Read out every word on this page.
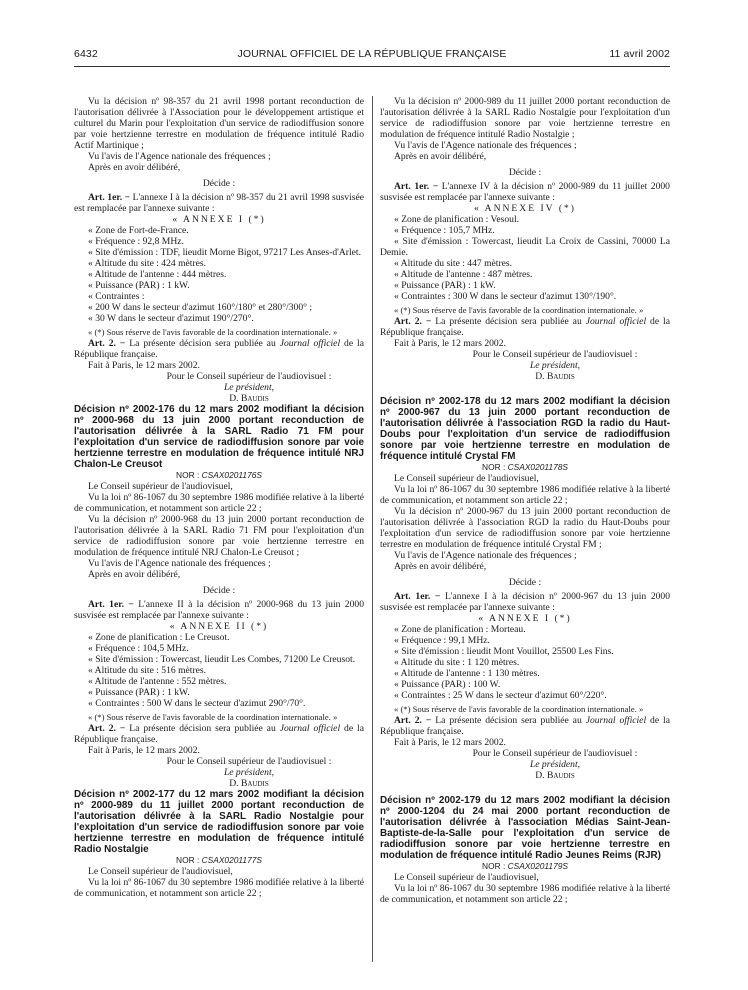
6432	JOURNAL OFFICIEL DE LA RÉPUBLIQUE FRANÇAISE	11 avril 2002

Vu la décision nº 98-357 du 21 avril 1998 portant reconduction de l'autorisation délivrée à l'Association pour le développement artistique et culturel du Marin pour l'exploitation d'un service de radiodiffusion sonore par voie hertzienne terrestre en modulation de fréquence intitulé Radio Actif Martinique ;

Vu l'avis de l'Agence nationale des fréquences ;

Après en avoir délibéré,

Décide :

Art. 1er. − L'annexe I à la décision nº 98-357 du 21 avril 1998 susvisée est remplacée par l'annexe suivante :

« ANNEXE I (*)

« Zone de Fort-de-France.

« Fréquence : 92,8 MHz.

« Site d'émission : TDF, lieudit Morne Bigot, 97217 Les Anses-d'Arlet.

« Altitude du site : 424 mètres.

« Altitude de l'antenne : 444 mètres.

« Puissance (PAR) : 1 kW.

« Contraintes :

« 200 W dans le secteur d'azimut 160°/180° et 280°/300° ;

« 30 W dans le secteur d'azimut 190°/270°.

« (*) Sous réserve de l'avis favorable de la coordination internationale. »

Art. 2. − La présente décision sera publiée au Journal officiel de la République française.

Fait à Paris, le 12 mars 2002.

Pour le Conseil supérieur de l'audiovisuel :

Le président,

D. Baudis

Décision nº 2002-176 du 12 mars 2002 modifiant la décision nº 2000-968 du 13 juin 2000 portant reconduction de l'autorisation délivrée à la SARL Radio 71 FM pour l'exploitation d'un service de radiodiffusion sonore par voie hertzienne terrestre en modulation de fréquence intitulé NRJ Chalon-Le Creusot

NOR : CSAX0201176S

Le Conseil supérieur de l'audiovisuel,

Vu la loi nº 86-1067 du 30 septembre 1986 modifiée relative à la liberté de communication, et notamment son article 22 ;

Vu la décision nº 2000-968 du 13 juin 2000 portant reconduction de l'autorisation délivrée à la SARL Radio 71 FM pour l'exploitation d'un service de radiodiffusion sonore par voie hertzienne terrestre en modulation de fréquence intitulé NRJ Chalon-Le Creusot ;

Vu l'avis de l'Agence nationale des fréquences ;

Après en avoir délibéré,

Décide :

Art. 1er. − L'annexe II à la décision nº 2000-968 du 13 juin 2000 susvisée est remplacée par l'annexe suivante :

« ANNEXE II (*)

« Zone de planification : Le Creusot.

« Fréquence : 104,5 MHz.

« Site d'émission : Towercast, lieudit Les Combes, 71200 Le Creusot.

« Altitude du site : 516 mètres.

« Altitude de l'antenne : 552 mètres.

« Puissance (PAR) : 1 kW.

« Contraintes : 500 W dans le secteur d'azimut 290°/70°.

« (*) Sous réserve de l'avis favorable de la coordination internationale. »

Art. 2. − La présente décision sera publiée au Journal officiel de la République française.

Fait à Paris, le 12 mars 2002.

Pour le Conseil supérieur de l'audiovisuel :

Le président,

D. Baudis

Décision nº 2002-177 du 12 mars 2002 modifiant la décision nº 2000-989 du 11 juillet 2000 portant reconduction de l'autorisation délivrée à la SARL Radio Nostalgie pour l'exploitation d'un service de radiodiffusion sonore par voie hertzienne terrestre en modulation de fréquence intitulé Radio Nostalgie

NOR : CSAX0201177S

Le Conseil supérieur de l'audiovisuel,

Vu la loi nº 86-1067 du 30 septembre 1986 modifiée relative à la liberté de communication, et notamment son article 22 ;

Vu la décision nº 2000-989 du 11 juillet 2000 portant reconduction de l'autorisation délivrée à la SARL Radio Nostalgie pour l'exploitation d'un service de radiodiffusion sonore par voie hertzienne terrestre en modulation de fréquence intitulé Radio Nostalgie ;

Vu l'avis de l'Agence nationale des fréquences ;

Après en avoir délibéré,

Décide :

Art. 1er. − L'annexe IV à la décision nº 2000-989 du 11 juillet 2000 susvisée est remplacée par l'annexe suivante :

« ANNEXE IV (*)

« Zone de planification : Vesoul.

« Fréquence : 105,7 MHz.

« Site d'émission : Towercast, lieudit La Croix de Cassini, 70000 La Demie.

« Altitude du site : 447 mètres.

« Altitude de l'antenne : 487 mètres.

« Puissance (PAR) : 1 kW.

« Contraintes : 300 W dans le secteur d'azimut 130°/190°.

« (*) Sous réserve de l'avis favorable de la coordination internationale. »

Art. 2. − La présente décision sera publiée au Journal officiel de la République française.

Fait à Paris, le 12 mars 2002.

Pour le Conseil supérieur de l'audiovisuel :

Le président,

D. Baudis

Décision nº 2002-178 du 12 mars 2002 modifiant la décision nº 2000-967 du 13 juin 2000 portant reconduction de l'autorisation délivrée à l'association RGD la radio du Haut-Doubs pour l'exploitation d'un service de radiodiffusion sonore par voie hertzienne terrestre en modulation de fréquence intitulé Crystal FM

NOR : CSAX0201178S

Le Conseil supérieur de l'audiovisuel,

Vu la loi nº 86-1067 du 30 septembre 1986 modifiée relative à la liberté de communication, et notamment son article 22 ;

Vu la décision nº 2000-967 du 13 juin 2000 portant reconduction de l'autorisation délivrée à l'association RGD la radio du Haut-Doubs pour l'exploitation d'un service de radiodiffusion sonore par voie hertzienne terrestre en modulation de fréquence intitulé Crystal FM ;

Vu l'avis de l'Agence nationale des fréquences ;

Après en avoir délibéré,

Décide :

Art. 1er. − L'annexe I à la décision nº 2000-967 du 13 juin 2000 susvisée est remplacée par l'annexe suivante :

« ANNEXE I (*)

« Zone de planification : Morteau.

« Fréquence : 99,1 MHz.

« Site d'émission : lieudit Mont Vouillot, 25500 Les Fins.

« Altitude du site : 1 120 mètres.

« Altitude de l'antenne : 1 130 mètres.

« Puissance (PAR) : 100 W.

« Contraintes : 25 W dans le secteur d'azimut 60°/220°.

« (*) Sous réserve de l'avis favorable de la coordination internationale. »

Art. 2. − La présente décision sera publiée au Journal officiel de la République française.

Fait à Paris, le 12 mars 2002.

Pour le Conseil supérieur de l'audiovisuel :

Le président,

D. Baudis

Décision nº 2002-179 du 12 mars 2002 modifiant la décision nº 2000-1204 du 24 mai 2000 portant reconduction de l'autorisation délivrée à l'association Médias Saint-Jean-Baptiste-de-la-Salle pour l'exploitation d'un service de radiodiffusion sonore par voie hertzienne terrestre en modulation de fréquence intitulé Radio Jeunes Reims (RJR)

NOR : CSAX0201179S

Le Conseil supérieur de l'audiovisuel,

Vu la loi nº 86-1067 du 30 septembre 1986 modifiée relative à la liberté de communication, et notamment son article 22 ;
